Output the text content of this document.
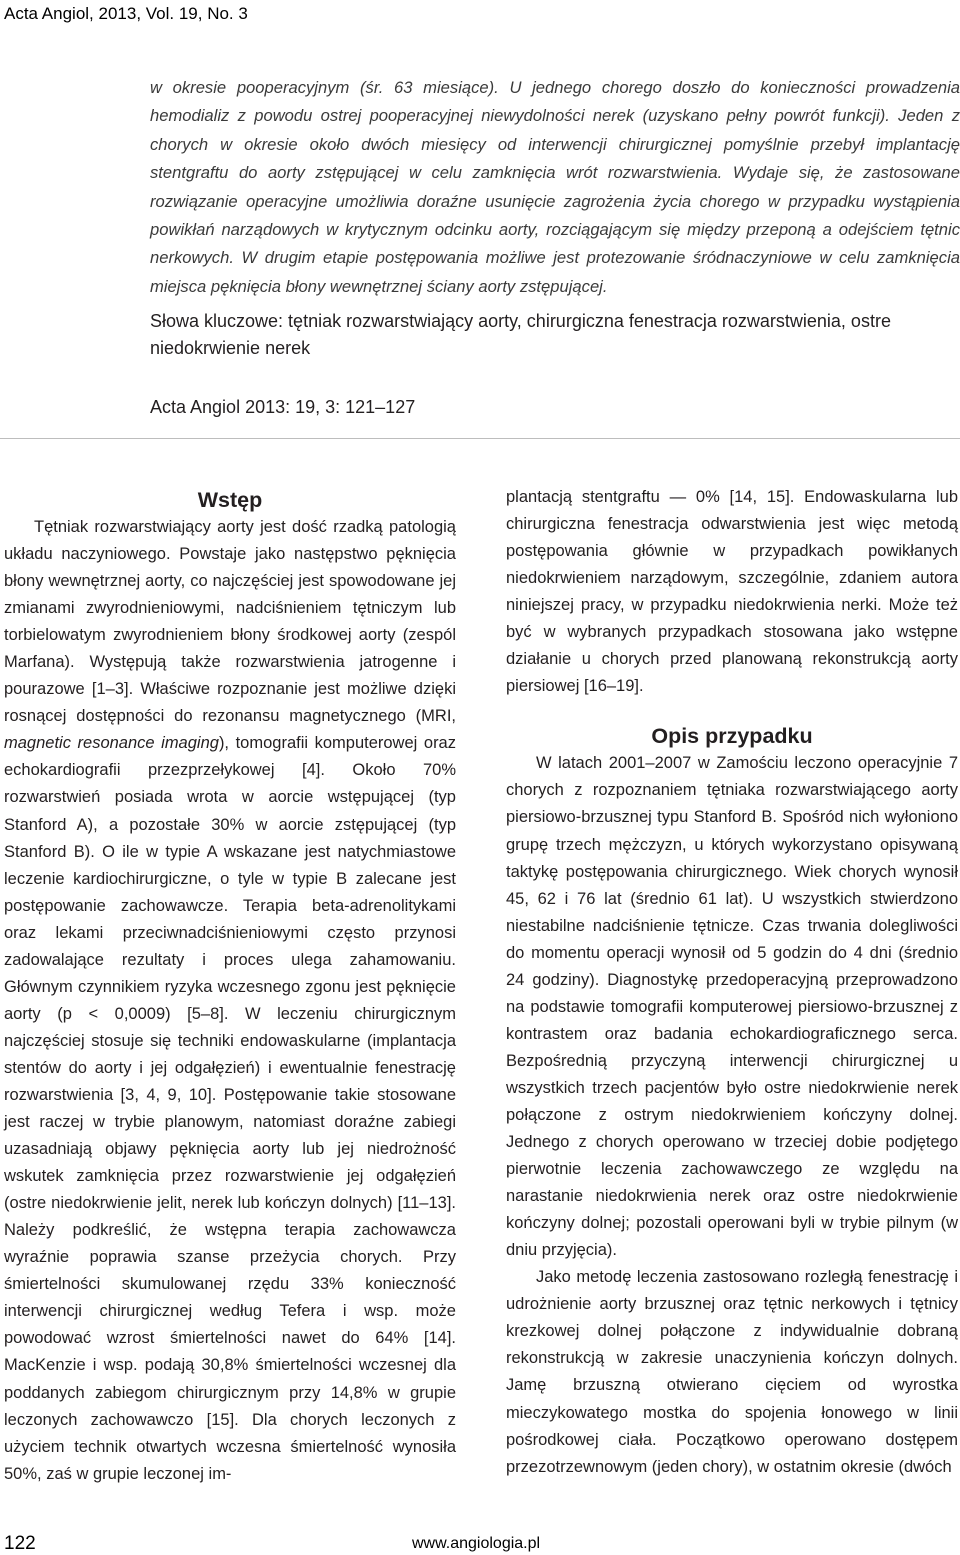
Acta Angiol, 2013, Vol. 19, No. 3
w okresie pooperacyjnym (śr. 63 miesiące). U jednego chorego doszło do konieczności prowadzenia hemodializ z powodu ostrej pooperacyjnej niewydolności nerek (uzyskano pełny powrót funkcji). Jeden z chorych w okresie około dwóch miesięcy od interwencji chirurgicznej pomyślnie przebył implantację stentgraftu do aorty zstępującej w celu zamknięcia wrót rozwarstwienia. Wydaje się, że zastosowane rozwiązanie operacyjne umożliwia doraźne usunięcie zagrożenia życia chorego w przypadku wystąpienia powikłań narządowych w krytycznym odcinku aorty, rozciągającym się między przeponą a odejściem tętnic nerkowych. W drugim etapie postępowania możliwe jest protezowanie śródnaczyniowe w celu zamknięcia miejsca pęknięcia błony wewnętrznej ściany aorty zstępującej.
Słowa kluczowe: tętniak rozwarstwiający aorty, chirurgiczna fenestracja rozwarstwienia, ostre niedokrwienie nerek
Acta Angiol 2013: 19, 3: 121–127
Wstęp

Tętniak rozwarstwiający aorty jest dość rzadką patologią układu naczyniowego. Powstaje jako następstwo pęknięcia błony wewnętrznej aorty, co najczęściej jest spowodowane jej zmianami zwyrodnieniowymi, nadciśnieniem tętniczym lub torbielowatym zwyrodnieniem błony środkowej aorty (zespól Marfana). Występują także rozwarstwienia jatrogenne i pourazowe [1–3]. Właściwe rozpoznanie jest możliwe dzięki rosnącej dostępności do rezonansu magnetycznego (MRI, magnetic resonance imaging), tomografii komputerowej oraz echokardiografii przezprzełykowej [4]. Około 70% rozwarstwień posiada wrota w aorcie wstępującej (typ Stanford A), a pozostałe 30% w aorcie zstępującej (typ Stanford B). O ile w typie A wskazane jest natychmiastowe leczenie kardiochirurgiczne, o tyle w typie B zalecane jest postępowanie zachowawcze. Terapia beta-adrenolitykami oraz lekami przeciwnadciśnieniowymi często przynosi zadowalające rezultaty i proces ulega zahamowaniu. Głównym czynnikiem ryzyka wczesnego zgonu jest pęknięcie aorty (p < 0,0009) [5–8]. W leczeniu chirurgicznym najczęściej stosuje się techniki endowaskularne (implantacja stentów do aorty i jej odgałęzień) i ewentualnie fenestrację rozwarstwienia [3, 4, 9, 10]. Postępowanie takie stosowane jest raczej w trybie planowym, natomiast doraźne zabiegi uzasadniają objawy pęknięcia aorty lub jej niedrożność wskutek zamknięcia przez rozwarstwienie jej odgałęzień (ostre niedokrwienie jelit, nerek lub kończyn dolnych) [11–13]. Należy podkreślić, że wstępna terapia zachowawcza wyraźnie poprawia szanse przeżycia chorych. Przy śmiertelności skumulowanej rzędu 33% konieczność interwencji chirurgicznej według Tefera i wsp. może powodować wzrost śmiertelności nawet do 64% [14]. MacKenzie i wsp. podają 30,8% śmiertelności wczesnej dla poddanych zabiegom chirurgicznym przy 14,8% w grupie leczonych zachowawczo [15]. Dla chorych leczonych z użyciem technik otwartych wczesna śmiertelność wynosiła 50%, zaś w grupie leczonej im-

plantacją stentgraftu — 0% [14, 15]. Endowaskularna lub chirurgiczna fenestracja odwarstwienia jest więc metodą postępowania głównie w przypadkach powikłanych niedokrwieniem narządowym, szczególnie, zdaniem autora niniejszej pracy, w przypadku niedokrwienia nerki. Może też być w wybranych przypadkach stosowana jako wstępne działanie u chorych przed planowaną rekonstrukcją aorty piersiowej [16–19].

Opis przypadku

W latach 2001–2007 w Zamościu leczono operacyjnie 7 chorych z rozpoznaniem tętniaka rozwarstwiającego aorty piersiowo-brzusznej typu Stanford B. Spośród nich wyłoniono grupę trzech mężczyzn, u których wykorzystano opisywaną taktykę postępowania chirurgicznego. Wiek chorych wynosił 45, 62 i 76 lat (średnio 61 lat). U wszystkich stwierdzono niestabilne nadciśnienie tętnicze. Czas trwania dolegliwości do momentu operacji wynosił od 5 godzin do 4 dni (średnio 24 godziny). Diagnostykę przedoperacyjną przeprowadzono na podstawie tomografii komputerowej piersiowo-brzusznej z kontrastem oraz badania echokardiograficznego serca. Bezpośrednią przyczyną interwencji chirurgicznej u wszystkich trzech pacjentów było ostre niedokrwienie nerek połączone z ostrym niedokrwieniem kończyny dolnej. Jednego z chorych operowano w trzeciej dobie podjętego pierwotnie leczenia zachowawczego ze względu na narastanie niedokrwienia nerek oraz ostre niedokrwienie kończyny dolnej; pozostali operowani byli w trybie pilnym (w dniu przyjęcia).

Jako metodę leczenia zastosowano rozległą fenestrację i udrożnienie aorty brzusznej oraz tętnic nerkowych i tętnicy krezkowej dolnej połączone z indywidualnie dobraną rekonstrukcją w zakresie unaczynienia kończyn dolnych. Jamę brzuszną otwierano cięciem od wyrostka mieczykowatego mostka do spojenia łonowego w linii pośrodkowej ciała. Początkowo operowano dostępem przezotrzewnowym (jeden chory), w ostatnim okresie (dwóch

122	www.angiologia.pl
